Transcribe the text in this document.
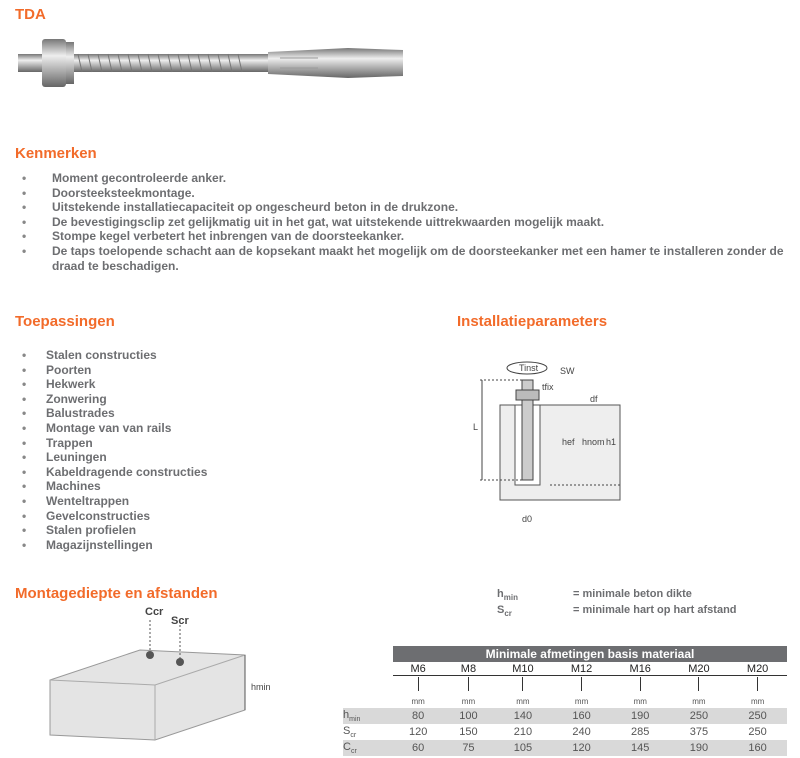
TDA
Kenmerken
• Moment gecontroleerde anker.
• Doorsteeksteekmontage.
• Uitstekende installatiecapaciteit op ongescheurd beton in de drukzone.
• De bevestigingsclip zet gelijkmatig uit in het gat, wat uitstekende uittrekwaarden mogelijk maakt.
• Stompe kegel verbetert het inbrengen van de doorsteekanker.
• De taps toelopende schacht aan de kopsekant maakt het mogelijk om de doorsteekanker met een hamer te installeren zonder de draad te beschadigen.
Toepassingen
• Stalen constructies
• Poorten
• Hekwerk
• Zonwering
• Balustrades
• Montage van van rails
• Trappen
• Leuningen
• Kabeldragende constructies
• Machines
• Wenteltrappen
• Gevelconstructies
• Stalen profielen
• Magazijnstellingen
Installatieparameters
Tinst SW
df
L
hef hnom h1
d0
tfix
Montagediepte en afstanden
Ccr
Scr
hmin
$h_{min}$	= minimale beton dikte
$S_{cr}$	= minimale hart op hart afstand
	Minimale afmetingen basis materiaal						
	M6	M8	M10	M12	M16	M20	M20

	mm	mm	mm	mm	mm	mm	mm
$h_{min}$	80	100	140	160	190	250	250
$S_{cr}$	120	150	210	240	285	375	250
$C_{cr}$	60	75	105	120	145	190	160
